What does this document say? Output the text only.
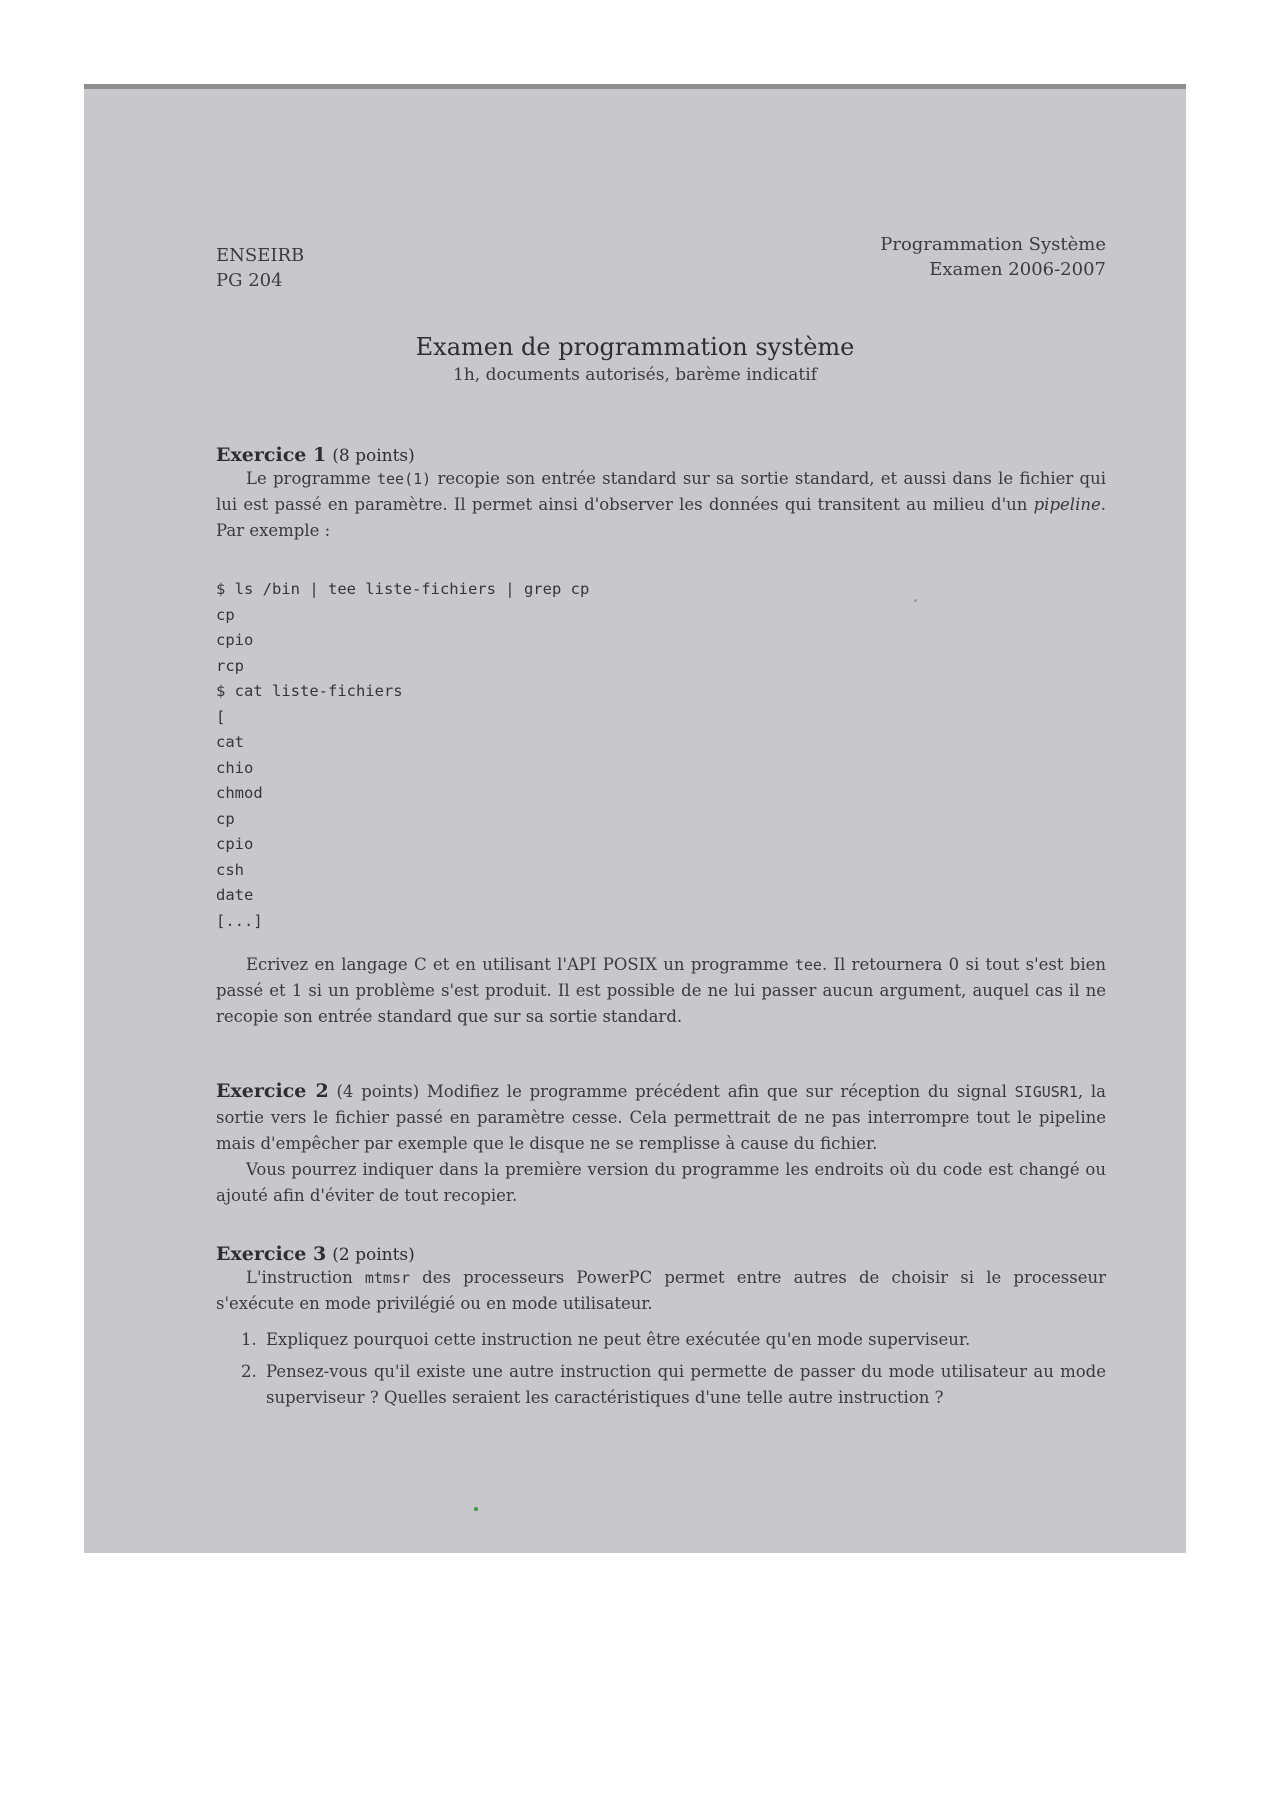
ENSEIRB
PG 204
Programmation Système
Examen 2006-2007
Examen de programmation système
1h, documents autorisés, barème indicatif
Exercice 1 (8 points)

Le programme tee(1) recopie son entrée standard sur sa sortie standard, et aussi dans le fichier qui lui est passé en paramètre. Il permet ainsi d'observer les données qui transitent au milieu d'un pipeline. Par exemple :

$ ls /bin | tee liste-fichiers | grep cp
cp
cpio
rcp
$ cat liste-fichiers
[
cat
chio
chmod
cp
cpio
csh
date
[...]

Ecrivez en langage C et en utilisant l'API POSIX un programme tee. Il retournera 0 si tout s'est bien passé et 1 si un problème s'est produit. Il est possible de ne lui passer aucun argument, auquel cas il ne recopie son entrée standard que sur sa sortie standard.

Exercice 2 (4 points) Modifiez le programme précédent afin que sur réception du signal SIGUSR1, la sortie vers le fichier passé en paramètre cesse. Cela permettrait de ne pas interrompre tout le pipeline mais d'empêcher par exemple que le disque ne se remplisse à cause du fichier.

Vous pourrez indiquer dans la première version du programme les endroits où du code est changé ou ajouté afin d'éviter de tout recopier.

Exercice 3 (2 points)

L'instruction mtmsr des processeurs PowerPC permet entre autres de choisir si le processeur s'exécute en mode privilégié ou en mode utilisateur.

1. Expliquez pourquoi cette instruction ne peut être exécutée qu'en mode superviseur.
2. Pensez-vous qu'il existe une autre instruction qui permette de passer du mode utilisateur au mode superviseur ? Quelles seraient les caractéristiques d'une telle autre instruction ?
